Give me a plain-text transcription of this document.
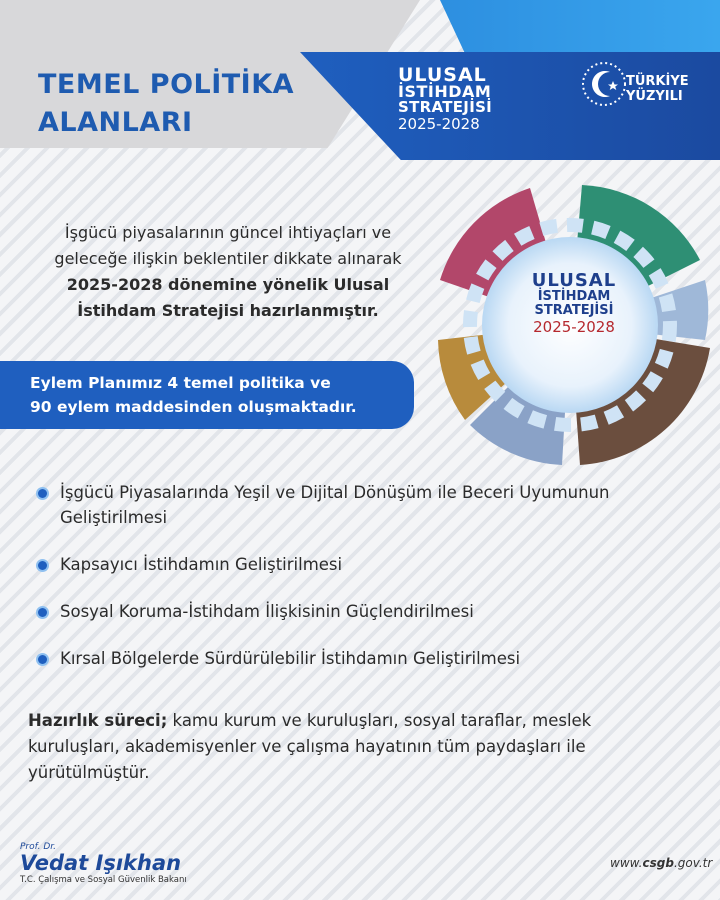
TEMEL POLİTİKA
ALANLARI
ULUSAL
İSTİHDAM
STRATEJİSİ
2025-2028
TÜRKİYE
YÜZYILI
İşgücü piyasalarının güncel ihtiyaçları ve
geleceğe ilişkin beklentiler dikkate alınarak
2025-2028 dönemine yönelik Ulusal
İstihdam Stratejisi hazırlanmıştır.
Eylem Planımız 4 temel politika ve
90 eylem maddesinden oluşmaktadır.
ULUSAL
İSTİHDAM
STRATEJİSİ
2025-2028
İşgücü Piyasalarında Yeşil ve Dijital Dönüşüm ile Beceri Uyumunun
Geliştirilmesi
Kapsayıcı İstihdamın Geliştirilmesi
Sosyal Koruma-İstihdam İlişkisinin Güçlendirilmesi
Kırsal Bölgelerde Sürdürülebilir İstihdamın Geliştirilmesi
Hazırlık süreci; kamu kurum ve kuruluşları, sosyal taraflar, meslek kuruluşları, akademisyenler ve çalışma hayatının tüm paydaşları ile yürütülmüştür.
Prof. Dr.
Vedat Işıkhan
T.C. Çalışma ve Sosyal Güvenlik Bakanı
www.csgb.gov.tr
